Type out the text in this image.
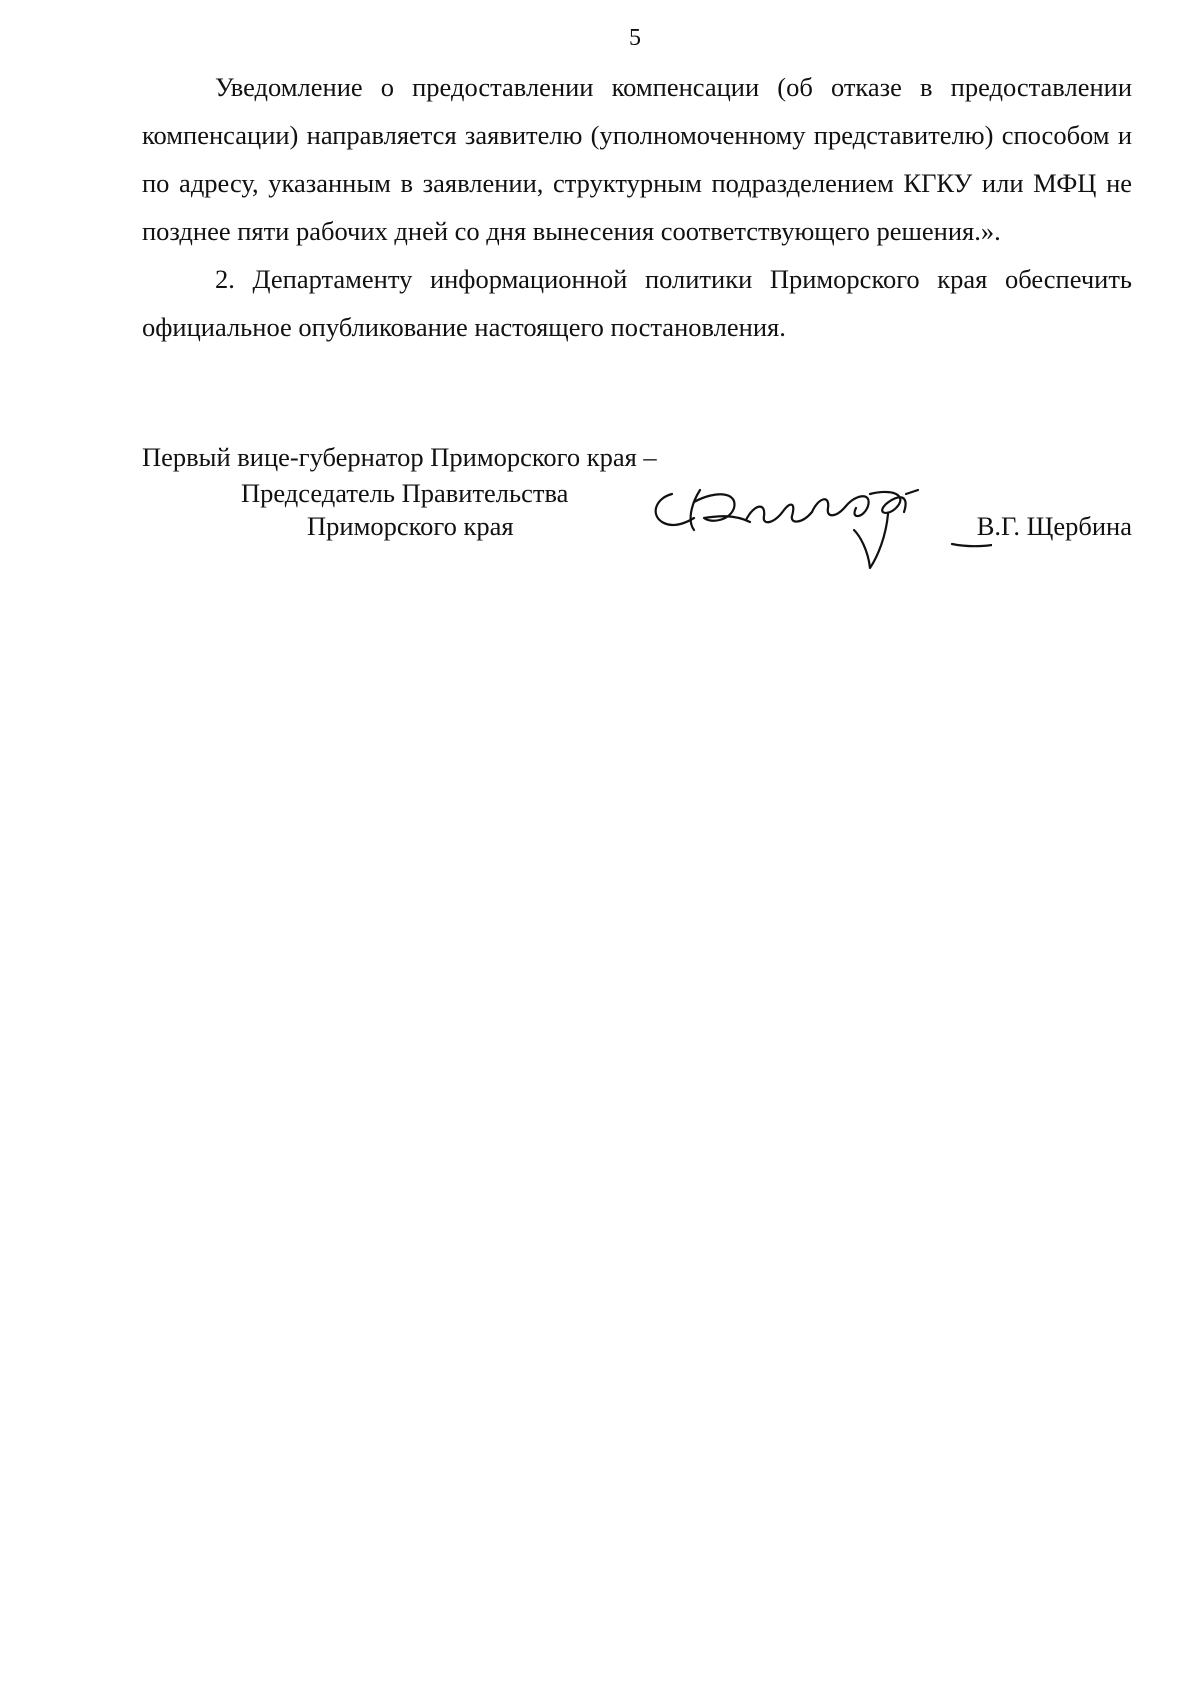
5

Уведомление о предоставлении компенсации (об отказе в предоставлении компенсации) направляется заявителю (уполномоченному представителю) способом и по адресу, указанным в заявлении, структурным подразделением КГКУ или МФЦ не позднее пяти рабочих дней со дня вынесения соответствующего решения.».

2. Департаменту информационной политики Приморского края обеспечить официальное опубликование настоящего постановления.

Первый вице-губернатор Приморского края –
Председатель Правительства
Приморского края	В.Г. Щербина
